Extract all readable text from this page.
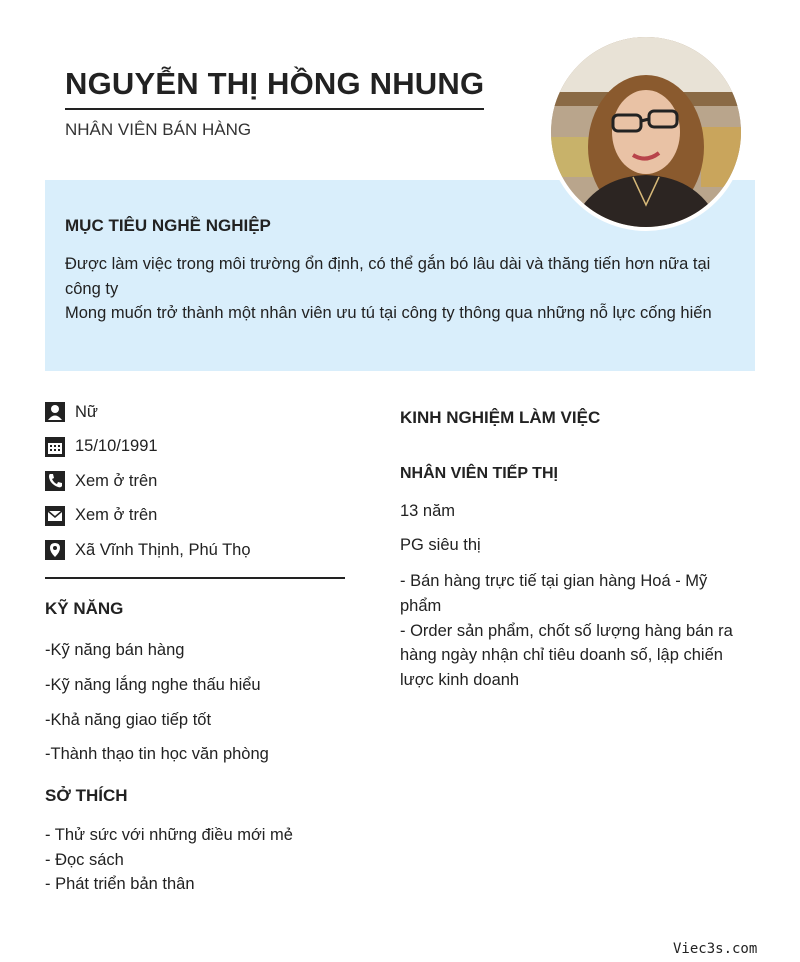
NGUYỄN THỊ HỒNG NHUNG
NHÂN VIÊN BÁN HÀNG
MỤC TIÊU NGHỀ NGHIỆP

Được làm việc trong môi trường ổn định, có thể gắn bó lâu dài và thăng tiến hơn nữa tại công ty

Mong muốn trở thành một nhân viên ưu tú tại công ty thông qua những nỗ lực cống hiến

Nữ
15/10/1991
Xem ở trên
Xem ở trên
Xã Vĩnh Thịnh, Phú Thọ
KỸ NĂNG
-Kỹ năng bán hàng
-Kỹ năng lắng nghe thấu hiểu
-Khả năng giao tiếp tốt
-Thành thạo tin học văn phòng
SỞ THÍCH
- Thử sức với những điều mới mẻ
- Đọc sách
- Phát triển bản thân
KINH NGHIỆM LÀM VIỆC
NHÂN VIÊN TIẾP THỊ
13 năm
PG siêu thị
- Bán hàng trực tiế tại gian hàng Hoá - Mỹ phẩm
- Order sản phẩm, chốt số lượng hàng bán ra hàng ngày nhận chỉ tiêu doanh số, lập chiến lược kinh doanh
Viec3s.com
